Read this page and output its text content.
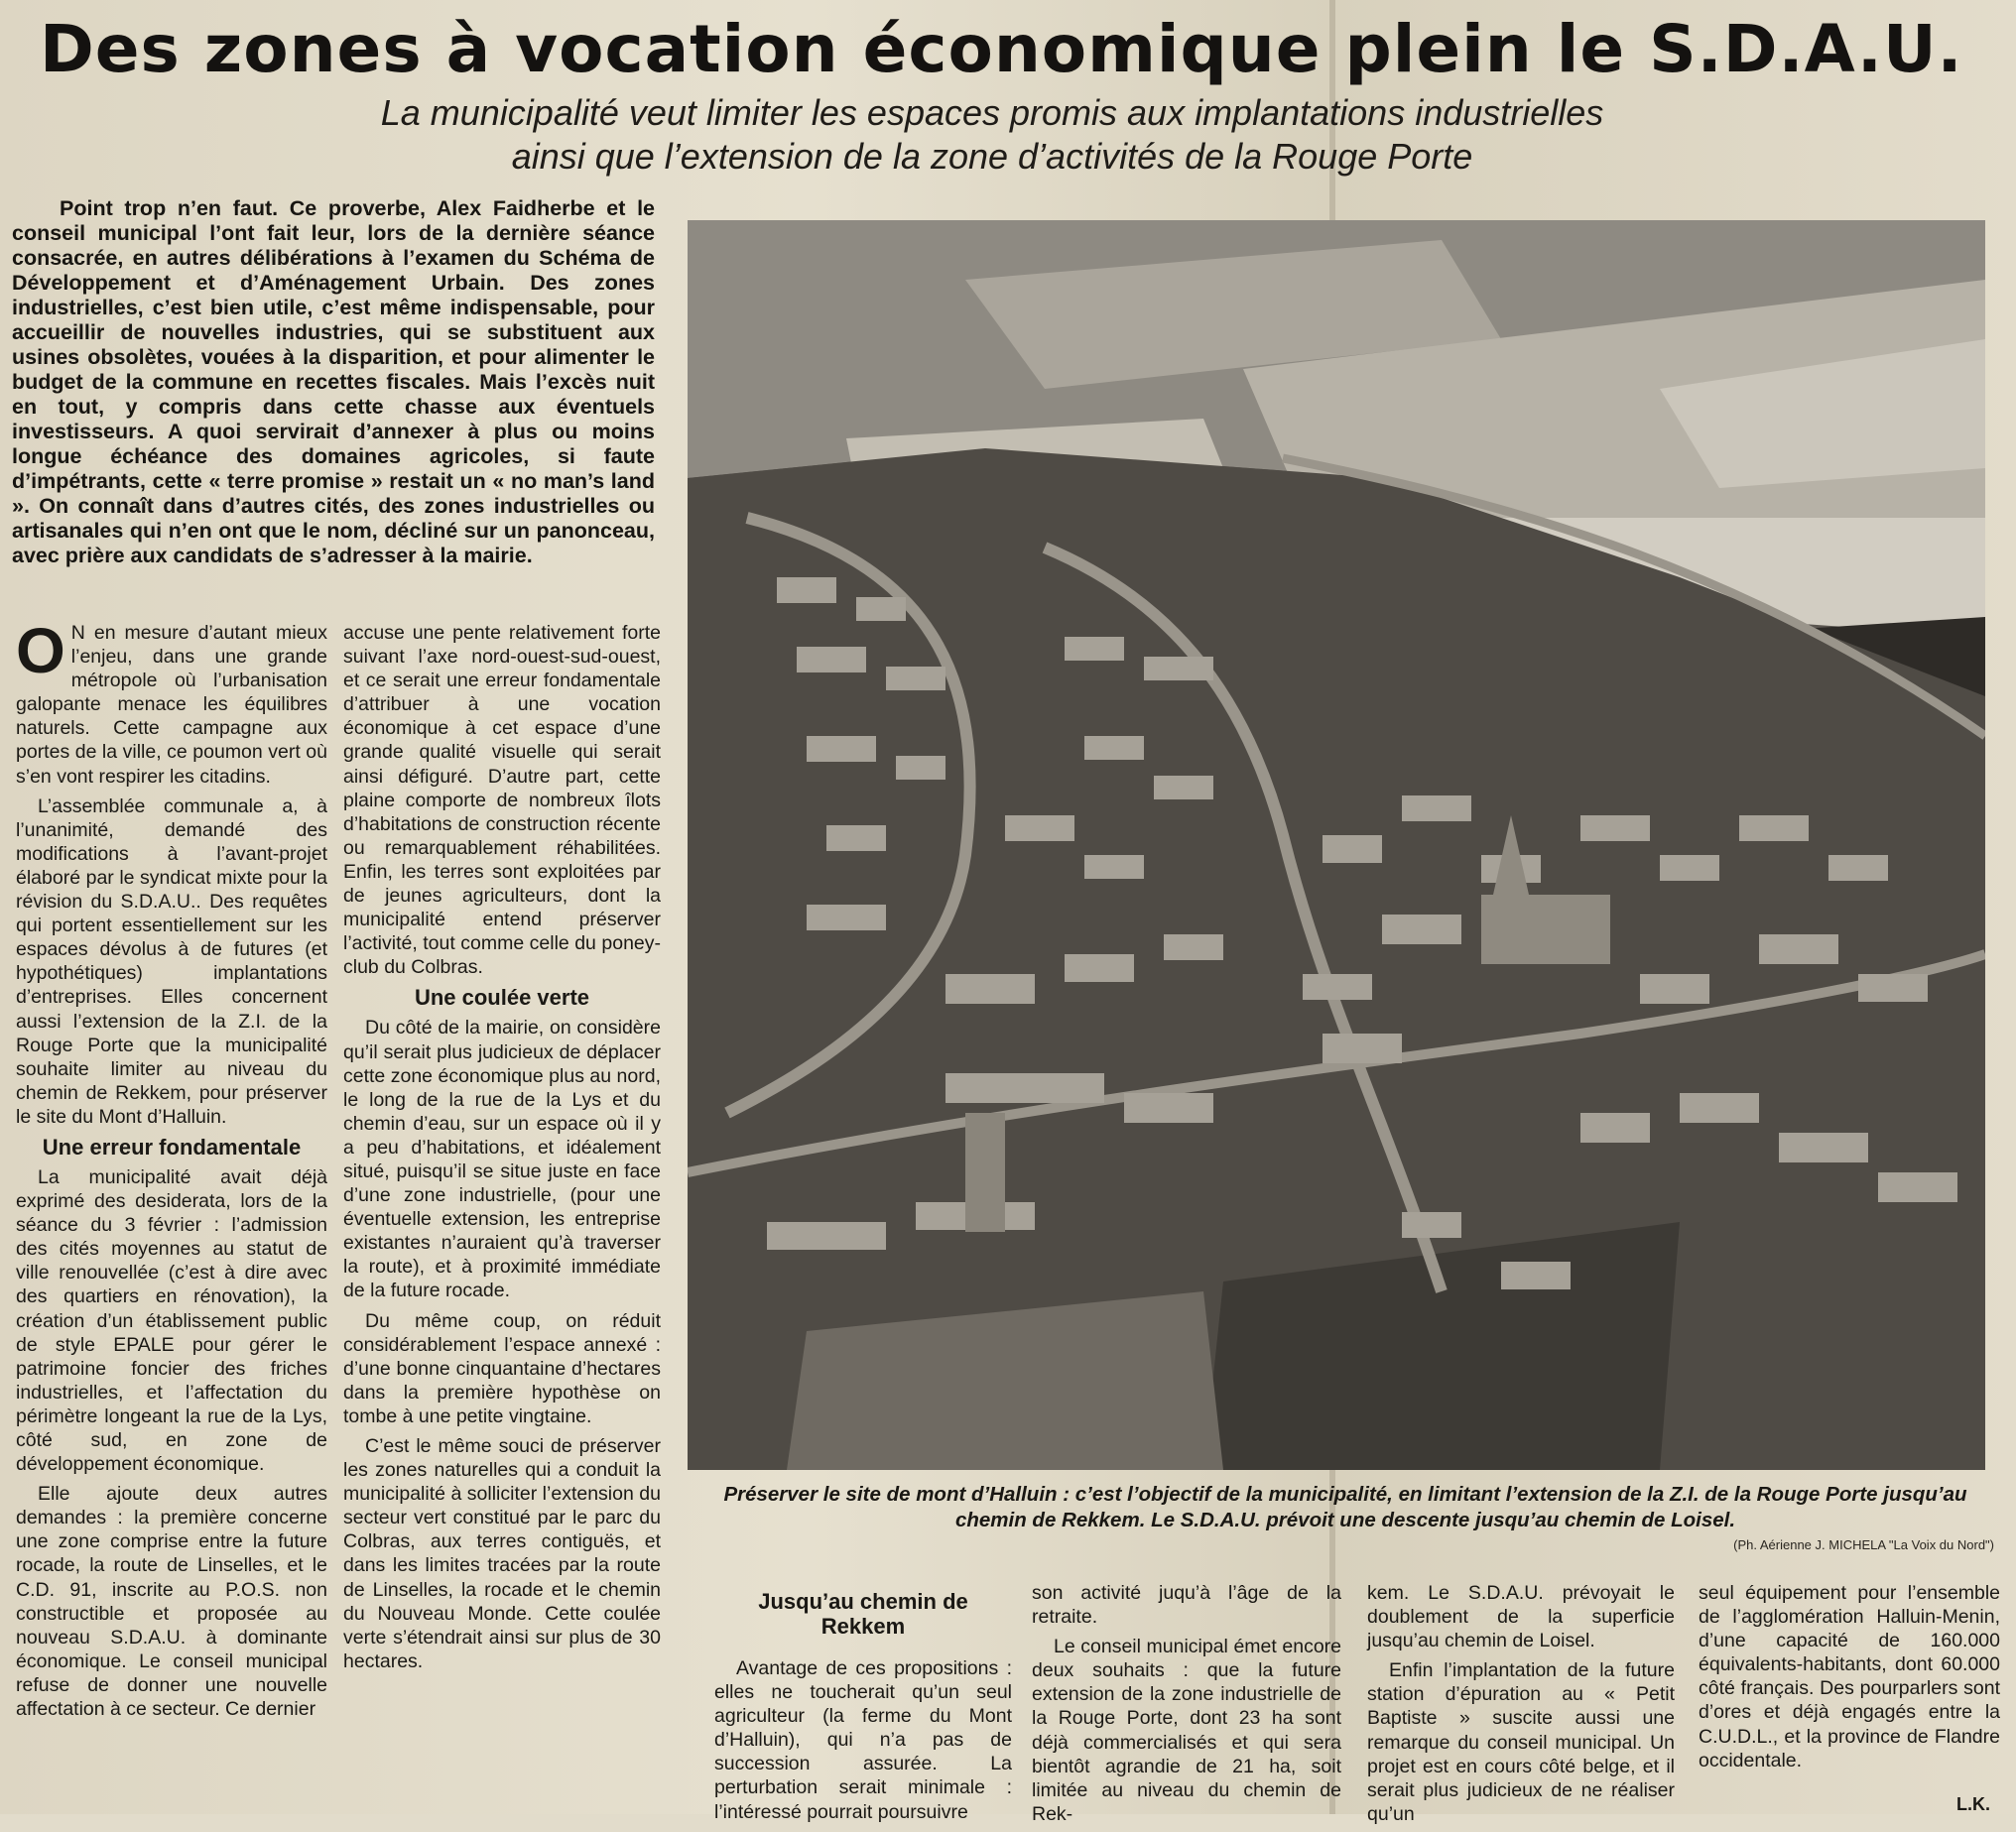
Des zones à vocation économique plein le S.D.A.U.
La municipalité veut limiter les espaces promis aux implantations industrielles
ainsi que l’extension de la zone d’activités de la Rouge Porte

Point trop n’en faut. Ce proverbe, Alex Faidherbe et le conseil municipal l’ont fait leur, lors de la dernière séance consacrée, en autres délibérations à l’examen du Schéma de Développement et d’Aménagement Urbain. Des zones industrielles, c’est bien utile, c’est même indispensable, pour accueillir de nouvelles industries, qui se substituent aux usines obsolètes, vouées à la disparition, et pour alimenter le budget de la commune en recettes fiscales. Mais l’excès nuit en tout, y compris dans cette chasse aux éventuels investisseurs. A quoi servirait d’annexer à plus ou moins longue échéance des domaines agricoles, si faute d’impétrants, cette « terre promise » restait un « no man’s land ». On connaît dans d’autres cités, des zones industrielles ou artisanales qui n’en ont que le nom, décliné sur un panonceau, avec prière aux candidats de s’adresser à la mairie.

O N en mesure d’autant mieux l’enjeu, dans une grande métropole où l’urbanisation galopante menace les équilibres naturels. Cette campagne aux portes de la ville, ce poumon vert où s’en vont respirer les citadins.

L’assemblée communale a, à l’unanimité, demandé des modifications à l’avant-projet élaboré par le syndicat mixte pour la révision du S.D.A.U.. Des requêtes qui portent essentiellement sur les espaces dévolus à de futures (et hypothétiques) implantations d’entreprises. Elles concernent aussi l’extension de la Z.I. de la Rouge Porte que la municipalité souhaite limiter au niveau du chemin de Rekkem, pour préserver le site du Mont d’Halluin.

Une erreur fondamentale

La municipalité avait déjà exprimé des desiderata, lors de la séance du 3 février : l’admission des cités moyennes au statut de ville renouvellée (c’est à dire avec des quartiers en rénovation), la création d’un établissement public de style EPALE pour gérer le patrimoine foncier des friches industrielles, et l’affectation du périmètre longeant la rue de la Lys, côté sud, en zone de développement économique.

Elle ajoute deux autres demandes : la première concerne une zone comprise entre la future rocade, la route de Linselles, et le C.D. 91, inscrite au P.O.S. non constructible et proposée au nouveau S.D.A.U. à dominante économique. Le conseil municipal refuse de donner une nouvelle affectation à ce secteur. Ce dernier

accuse une pente relativement forte suivant l’axe nord-ouest-sud-ouest, et ce serait une erreur fondamentale d’attribuer à une vocation économique à cet espace d’une grande qualité visuelle qui serait ainsi défiguré. D’autre part, cette plaine comporte de nombreux îlots d’habitations de construction récente ou remarquablement réhabilitées. Enfin, les terres sont exploitées par de jeunes agriculteurs, dont la municipalité entend préserver l’activité, tout comme celle du poney-club du Colbras.

Une coulée verte

Du côté de la mairie, on considère qu’il serait plus judicieux de déplacer cette zone économique plus au nord, le long de la rue de la Lys et du chemin d’eau, sur un espace où il y a peu d’habitations, et idéalement situé, puisqu’il se situe juste en face d’une zone industrielle, (pour une éventuelle extension, les entreprise existantes n’auraient qu’à traverser la route), et à proximité immédiate de la future rocade.

Du même coup, on réduit considérablement l’espace annexé : d’une bonne cinquantaine d’hectares dans la première hypothèse on tombe à une petite vingtaine.

C’est le même souci de préserver les zones naturelles qui a conduit la municipalité à solliciter l’extension du secteur vert constitué par le parc du Colbras, aux terres contiguës, et dans les limites tracées par la route de Linselles, la rocade et le chemin du Nouveau Monde. Cette coulée verte s’étendrait ainsi sur plus de 30 hectares.

Préserver le site de mont d’Halluin : c’est l’objectif de la municipalité, en limitant l’extension de la Z.I. de la Rouge Porte jusqu’au chemin de Rekkem. Le S.D.A.U. prévoit une descente jusqu’au chemin de Loisel.
(Ph. Aérienne J. MICHELA "La Voix du Nord")
Jusqu’au chemin de Rekkem

Avantage de ces propositions : elles ne toucherait qu’un seul agriculteur (la ferme du Mont d’Halluin), qui n’a pas de succession assurée. La perturbation serait minimale : l’intéressé pourrait poursuivre

son activité juqu’à l’âge de la retraite.

Le conseil municipal émet encore deux souhaits : que la future extension de la zone industrielle de la Rouge Porte, dont 23 ha sont déjà commercialisés et qui sera bientôt agrandie de 21 ha, soit limitée au niveau du chemin de Rek-

kem. Le S.D.A.U. prévoyait le doublement de la superficie jusqu’au chemin de Loisel.

Enfin l’implantation de la future station d’épuration au « Petit Baptiste » suscite aussi une remarque du conseil municipal. Un projet est en cours côté belge, et il serait plus judicieux de ne réaliser qu’un

seul équipement pour l’ensemble de l’agglomération Halluin-Menin, d’une capacité de 160.000 équivalents-habitants, dont 60.000 côté français. Des pourparlers sont d’ores et déjà engagés entre la C.U.D.L., et la province de Flandre occidentale.

L.K.
